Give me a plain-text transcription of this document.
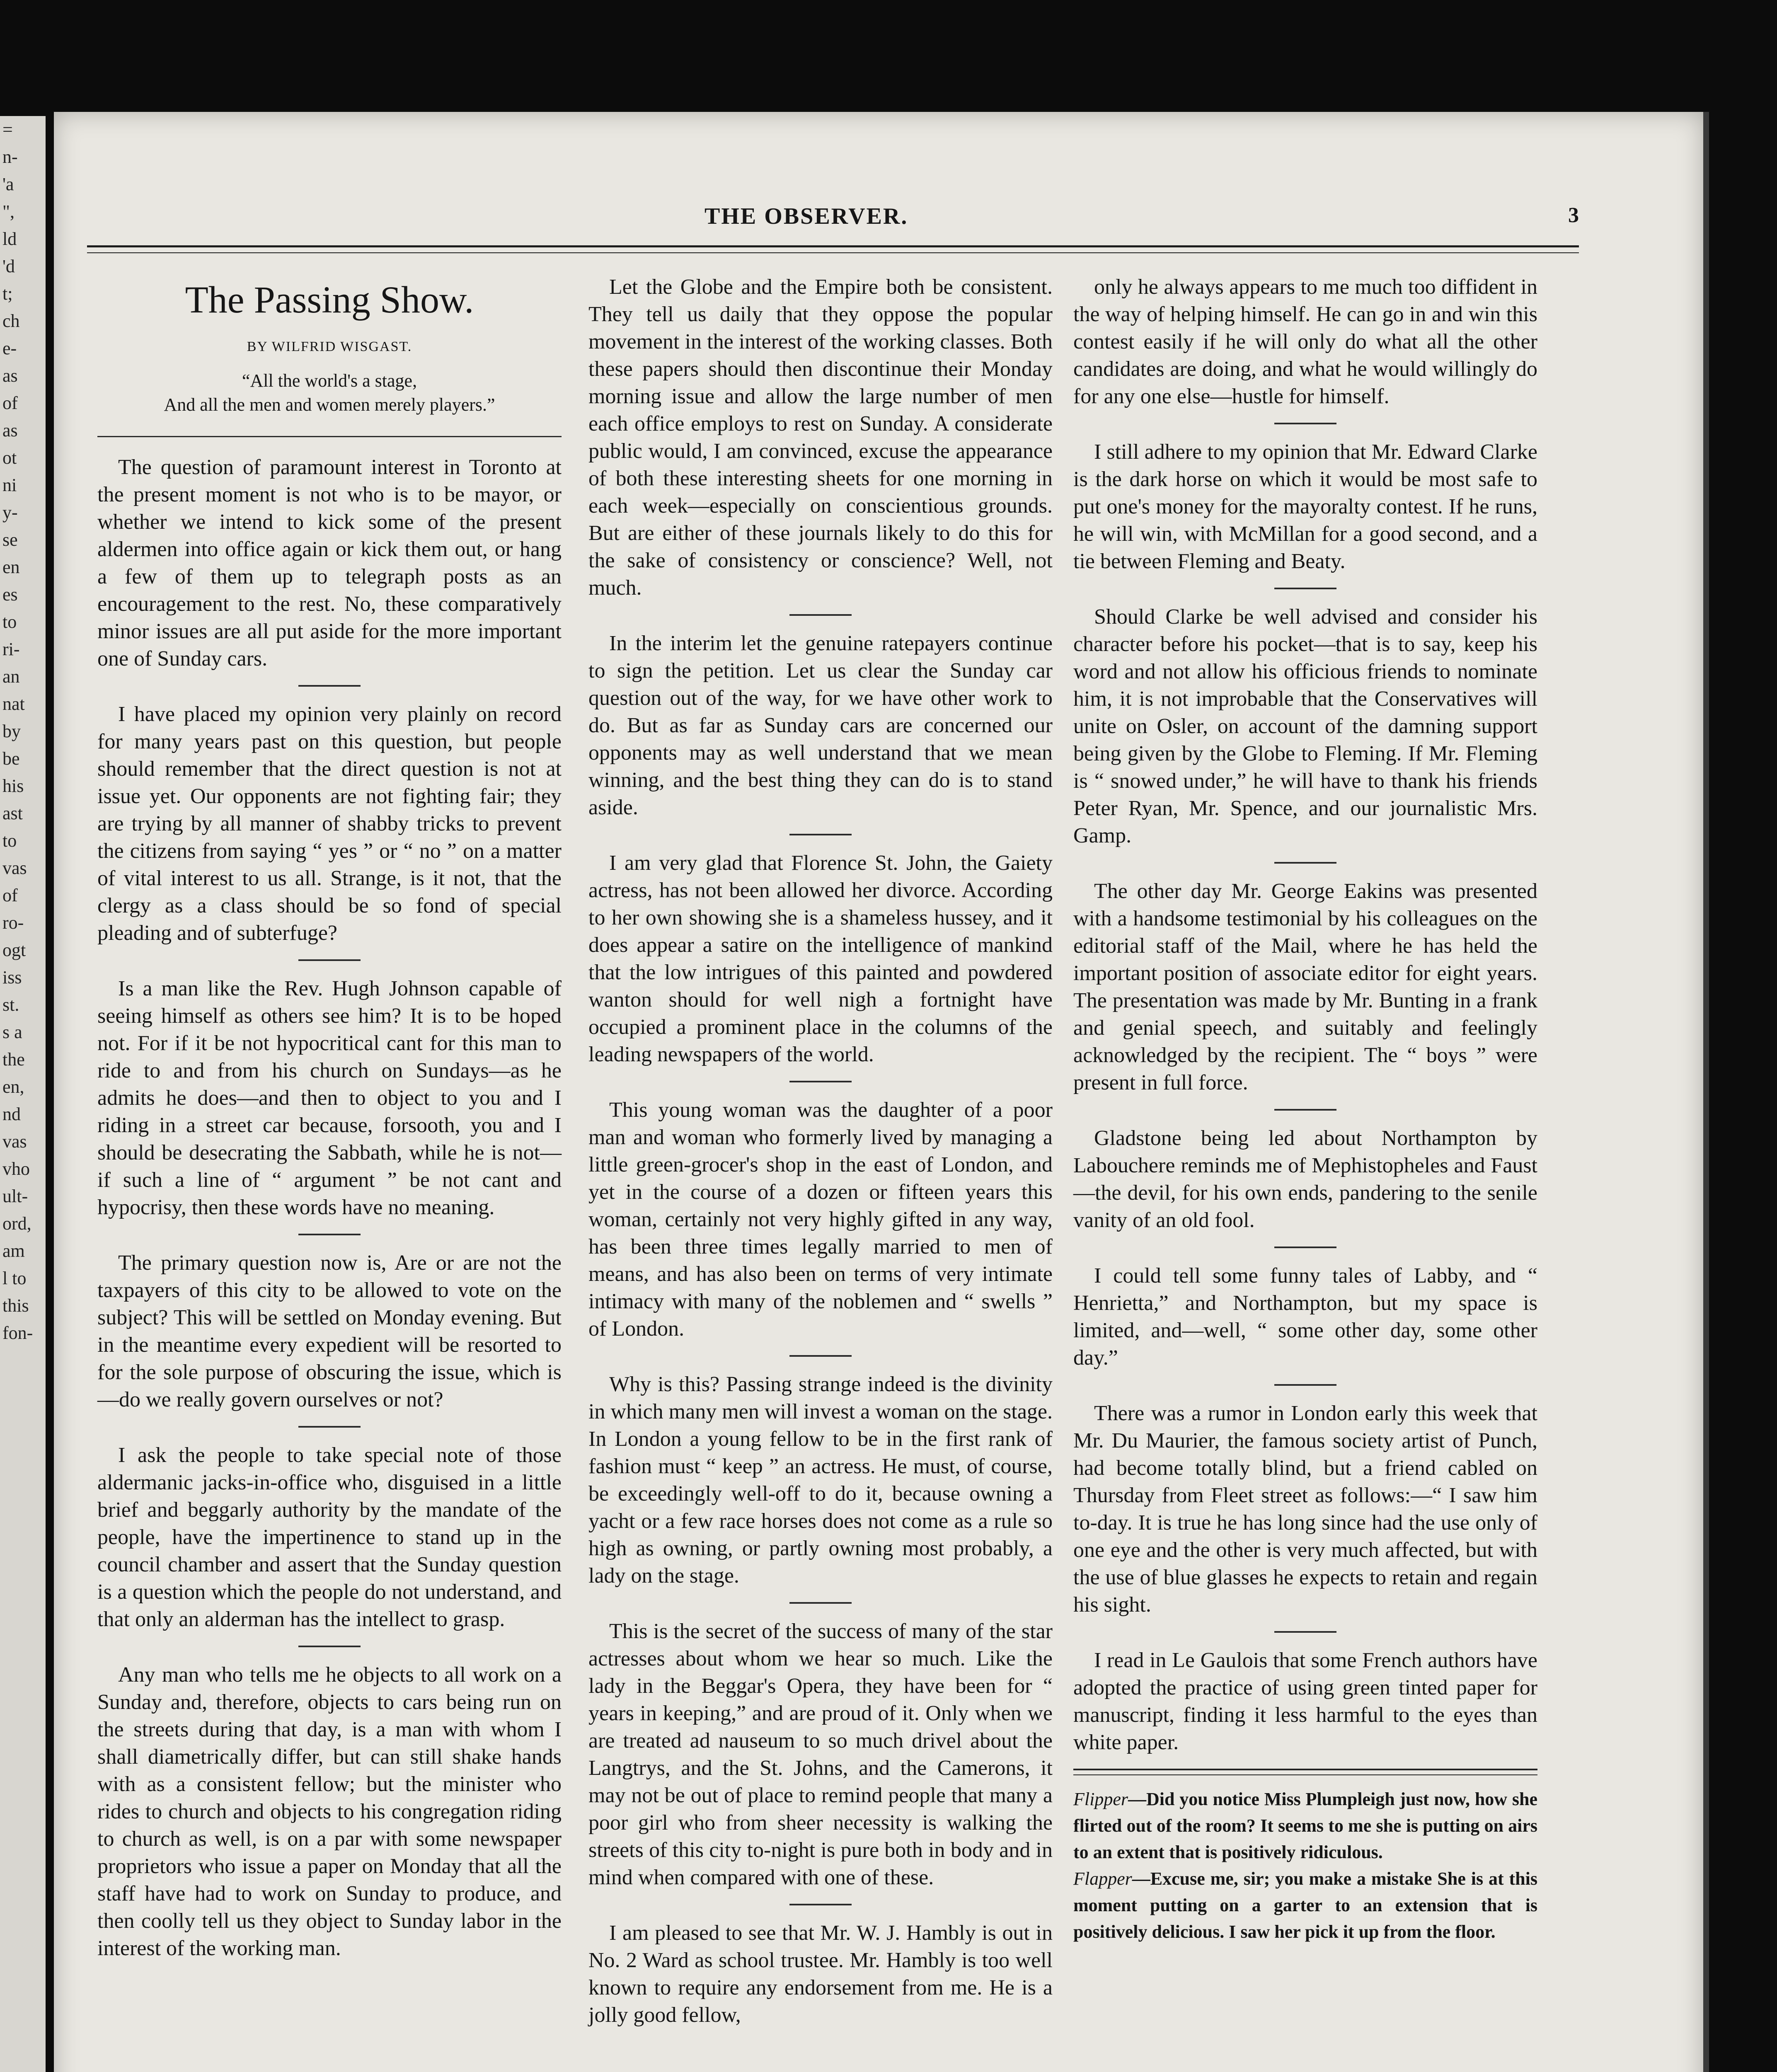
=
n-
'a
",
ld
'd
t;
ch
e-
as
of
as
ot
ni
y-
se
en
es
to
ri-
an
nat
by
be
his
ast
to
vas
of
ro-
ogt
iss
st.
s a
the
en,
nd
vas
vho
ult-
ord,
am
l to
this
fon-
THE OBSERVER.	3
The Passing Show.
BY WILFRID WISGAST.
“All the world's a stage,
And all the men and women merely players.”

The question of paramount interest in Toronto at the present moment is not who is to be mayor, or whether we intend to kick some of the present aldermen into office again or kick them out, or hang a few of them up to telegraph posts as an encouragement to the rest. No, these comparatively minor issues are all put aside for the more important one of Sunday cars.

I have placed my opinion very plainly on record for many years past on this question, but people should remember that the direct question is not at issue yet. Our opponents are not fighting fair; they are trying by all manner of shabby tricks to prevent the citizens from saying “ yes ” or “ no ” on a matter of vital interest to us all. Strange, is it not, that the clergy as a class should be so fond of special pleading and of subterfuge?

Is a man like the Rev. Hugh Johnson capable of seeing himself as others see him? It is to be hoped not. For if it be not hypocritical cant for this man to ride to and from his church on Sundays—as he admits he does—and then to object to you and I riding in a street car because, forsooth, you and I should be desecrating the Sabbath, while he is not—if such a line of “ argument ” be not cant and hypocrisy, then these words have no meaning.

The primary question now is, Are or are not the taxpayers of this city to be allowed to vote on the subject? This will be settled on Monday evening. But in the meantime every expedient will be resorted to for the sole purpose of obscuring the issue, which is—do we really govern ourselves or not?

I ask the people to take special note of those aldermanic jacks-in-office who, disguised in a little brief and beggarly authority by the mandate of the people, have the impertinence to stand up in the council chamber and assert that the Sunday question is a question which the people do not understand, and that only an alderman has the intellect to grasp.

Any man who tells me he objects to all work on a Sunday and, therefore, objects to cars being run on the streets during that day, is a man with whom I shall diametrically differ, but can still shake hands with as a consistent fellow; but the minister who rides to church and objects to his congregation riding to church as well, is on a par with some newspaper proprietors who issue a paper on Monday that all the staff have had to work on Sunday to produce, and then coolly tell us they object to Sunday labor in the interest of the working man.

Let the Globe and the Empire both be consistent. They tell us daily that they oppose the popular movement in the interest of the working classes. Both these papers should then discontinue their Monday morning issue and allow the large number of men each office employs to rest on Sunday. A considerate public would, I am convinced, excuse the appearance of both these interesting sheets for one morning in each week—especially on conscientious grounds. But are either of these journals likely to do this for the sake of consistency or conscience? Well, not much.

In the interim let the genuine ratepayers continue to sign the petition. Let us clear the Sunday car question out of the way, for we have other work to do. But as far as Sunday cars are concerned our opponents may as well understand that we mean winning, and the best thing they can do is to stand aside.

I am very glad that Florence St. John, the Gaiety actress, has not been allowed her divorce. According to her own showing she is a shameless hussey, and it does appear a satire on the intelligence of mankind that the low intrigues of this painted and powdered wanton should for well nigh a fortnight have occupied a prominent place in the columns of the leading newspapers of the world.

This young woman was the daughter of a poor man and woman who formerly lived by managing a little green-grocer's shop in the east of London, and yet in the course of a dozen or fifteen years this woman, certainly not very highly gifted in any way, has been three times legally married to men of means, and has also been on terms of very intimate intimacy with many of the noblemen and “ swells ” of London.

Why is this? Passing strange indeed is the divinity in which many men will invest a woman on the stage. In London a young fellow to be in the first rank of fashion must “ keep ” an actress. He must, of course, be exceedingly well-off to do it, because owning a yacht or a few race horses does not come as a rule so high as owning, or partly owning most probably, a lady on the stage.

This is the secret of the success of many of the star actresses about whom we hear so much. Like the lady in the Beggar's Opera, they have been for “ years in keeping,” and are proud of it. Only when we are treated ad nauseum to so much drivel about the Langtrys, and the St. Johns, and the Camerons, it may not be out of place to remind people that many a poor girl who from sheer necessity is walking the streets of this city to-night is pure both in body and in mind when compared with one of these.

I am pleased to see that Mr. W. J. Hambly is out in No. 2 Ward as school trustee. Mr. Hambly is too well known to require any endorsement from me. He is a jolly good fellow,

only he always appears to me much too diffident in the way of helping himself. He can go in and win this contest easily if he will only do what all the other candidates are doing, and what he would willingly do for any one else—hustle for himself.

I still adhere to my opinion that Mr. Edward Clarke is the dark horse on which it would be most safe to put one's money for the mayoralty contest. If he runs, he will win, with McMillan for a good second, and a tie between Fleming and Beaty.

Should Clarke be well advised and consider his character before his pocket—that is to say, keep his word and not allow his officious friends to nominate him, it is not improbable that the Conservatives will unite on Osler, on account of the damning support being given by the Globe to Fleming. If Mr. Fleming is “ snowed under,” he will have to thank his friends Peter Ryan, Mr. Spence, and our journalistic Mrs. Gamp.

The other day Mr. George Eakins was presented with a handsome testimonial by his colleagues on the editorial staff of the Mail, where he has held the important position of associate editor for eight years. The presentation was made by Mr. Bunting in a frank and genial speech, and suitably and feelingly acknowledged by the recipient. The “ boys ” were present in full force.

Gladstone being led about Northampton by Labouchere reminds me of Mephistopheles and Faust—the devil, for his own ends, pandering to the senile vanity of an old fool.

I could tell some funny tales of Labby, and “ Henrietta,” and Northampton, but my space is limited, and—well, “ some other day, some other day.”

There was a rumor in London early this week that Mr. Du Maurier, the famous society artist of Punch, had become totally blind, but a friend cabled on Thursday from Fleet street as follows:—“ I saw him to-day. It is true he has long since had the use only of one eye and the other is very much affected, but with the use of blue glasses he expects to retain and regain his sight.

I read in Le Gaulois that some French authors have adopted the practice of using green tinted paper for manuscript, finding it less harmful to the eyes than white paper.

Flipper—Did you notice Miss Plumpleigh just now, how she flirted out of the room? It seems to me she is putting on airs to an extent that is positively ridiculous.

Flapper—Excuse me, sir; you make a mistake She is at this moment putting on a garter to an extension that is positively delicious. I saw her pick it up from the floor.
